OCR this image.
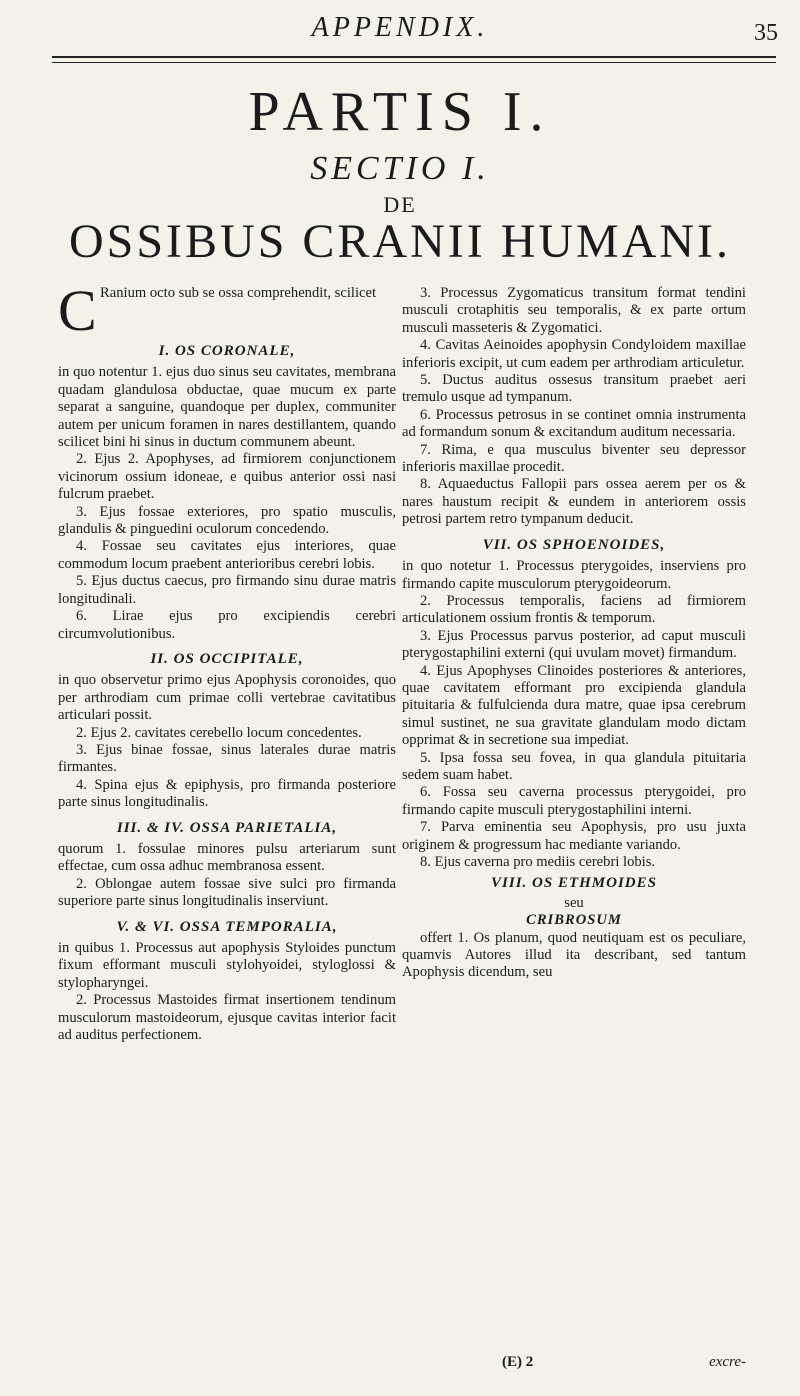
APPENDIX.	35
PARTIS I.
SECTIO I.
DE
OSSIBUS CRANII HUMANI.
C Ranium octo sub se ossa comprehendit, scilicet

I. OS CORONALE,

in quo notentur 1. ejus duo sinus seu cavitates, membrana quadam glandulosa obductae, quae mucum ex parte separat a sanguine, quandoque per duplex, communiter autem per unicum foramen in nares destillantem, quando scilicet bini hi sinus in ductum communem abeunt.

2. Ejus 2. Apophyses, ad firmiorem conjunctionem vicinorum ossium idoneae, e quibus anterior ossi nasi fulcrum praebet.

3. Ejus fossae exteriores, pro spatio musculis, glandulis & pinguedini oculorum concedendo.

4. Fossae seu cavitates ejus interiores, quae commodum locum praebent anterioribus cerebri lobis.

5. Ejus ductus caecus, pro firmando sinu durae matris longitudinali.

6. Lirae ejus pro excipiendis cerebri circumvolutionibus.

II. OS OCCIPITALE,

in quo observetur primo ejus Apophysis coronoides, quo per arthrodiam cum primae colli vertebrae cavitatibus articulari possit.

2. Ejus 2. cavitates cerebello locum concedentes.

3. Ejus binae fossae, sinus laterales durae matris firmantes.

4. Spina ejus & epiphysis, pro firmanda posteriore parte sinus longitudinalis.

III. & IV. OSSA PARIETALIA,

quorum 1. fossulae minores pulsu arteriarum sunt effectae, cum ossa adhuc membranosa essent.

2. Oblongae autem fossae sive sulci pro firmanda superiore parte sinus longitudinalis inserviunt.

V. & VI. OSSA TEMPORALIA,

in quibus 1. Processus aut apophysis Styloides punctum fixum efformant musculi stylohyoidei, styloglossi & stylopharyngei.

2. Processus Mastoides firmat insertionem tendinum musculorum mastoideorum, ejusque cavitas interior facit ad auditus perfectionem.

3. Processus Zygomaticus transitum format tendini musculi crotaphitis seu temporalis, & ex parte ortum musculi masseteris & Zygomatici.

4. Cavitas Aeinoides apophysin Condyloidem maxillae inferioris excipit, ut cum eadem per arthrodiam articuletur.

5. Ductus auditus ossesus transitum praebet aeri tremulo usque ad tympanum.

6. Processus petrosus in se continet omnia instrumenta ad formandum sonum & excitandum auditum necessaria.

7. Rima, e qua musculus biventer seu depressor inferioris maxillae procedit.

8. Aquaeductus Fallopii pars ossea aerem per os & nares haustum recipit & eundem in anteriorem ossis petrosi partem retro tympanum deducit.

VII. OS SPHOENOIDES,

in quo notetur 1. Processus pterygoides, inserviens pro firmando capite musculorum pterygoideorum.

2. Processus temporalis, faciens ad firmiorem articulationem ossium frontis & temporum.

3. Ejus Processus parvus posterior, ad caput musculi pterygostaphilini externi (qui uvulam movet) firmandum.

4. Ejus Apophyses Clinoides posteriores & anteriores, quae cavitatem efformant pro excipienda glandula pituitaria & fulfulcienda dura matre, quae ipsa cerebrum simul sustinet, ne sua gravitate glandulam modo dictam opprimat & in secretione sua impediat.

5. Ipsa fossa seu fovea, in qua glandula pituitaria sedem suam habet.

6. Fossa seu caverna processus pterygoidei, pro firmando capite musculi pterygostaphilini interni.

7. Parva eminentia seu Apophysis, pro usu juxta originem & progressum hac mediante variando.

8. Ejus caverna pro mediis cerebri lobis.

VIII. OS ETHMOIDES

seu

CRIBROSUM

offert 1. Os planum, quod neutiquam est os peculiare, quamvis Autores illud ita describant, sed tantum Apophysis dicendum, seu

(E) 2	excre-
